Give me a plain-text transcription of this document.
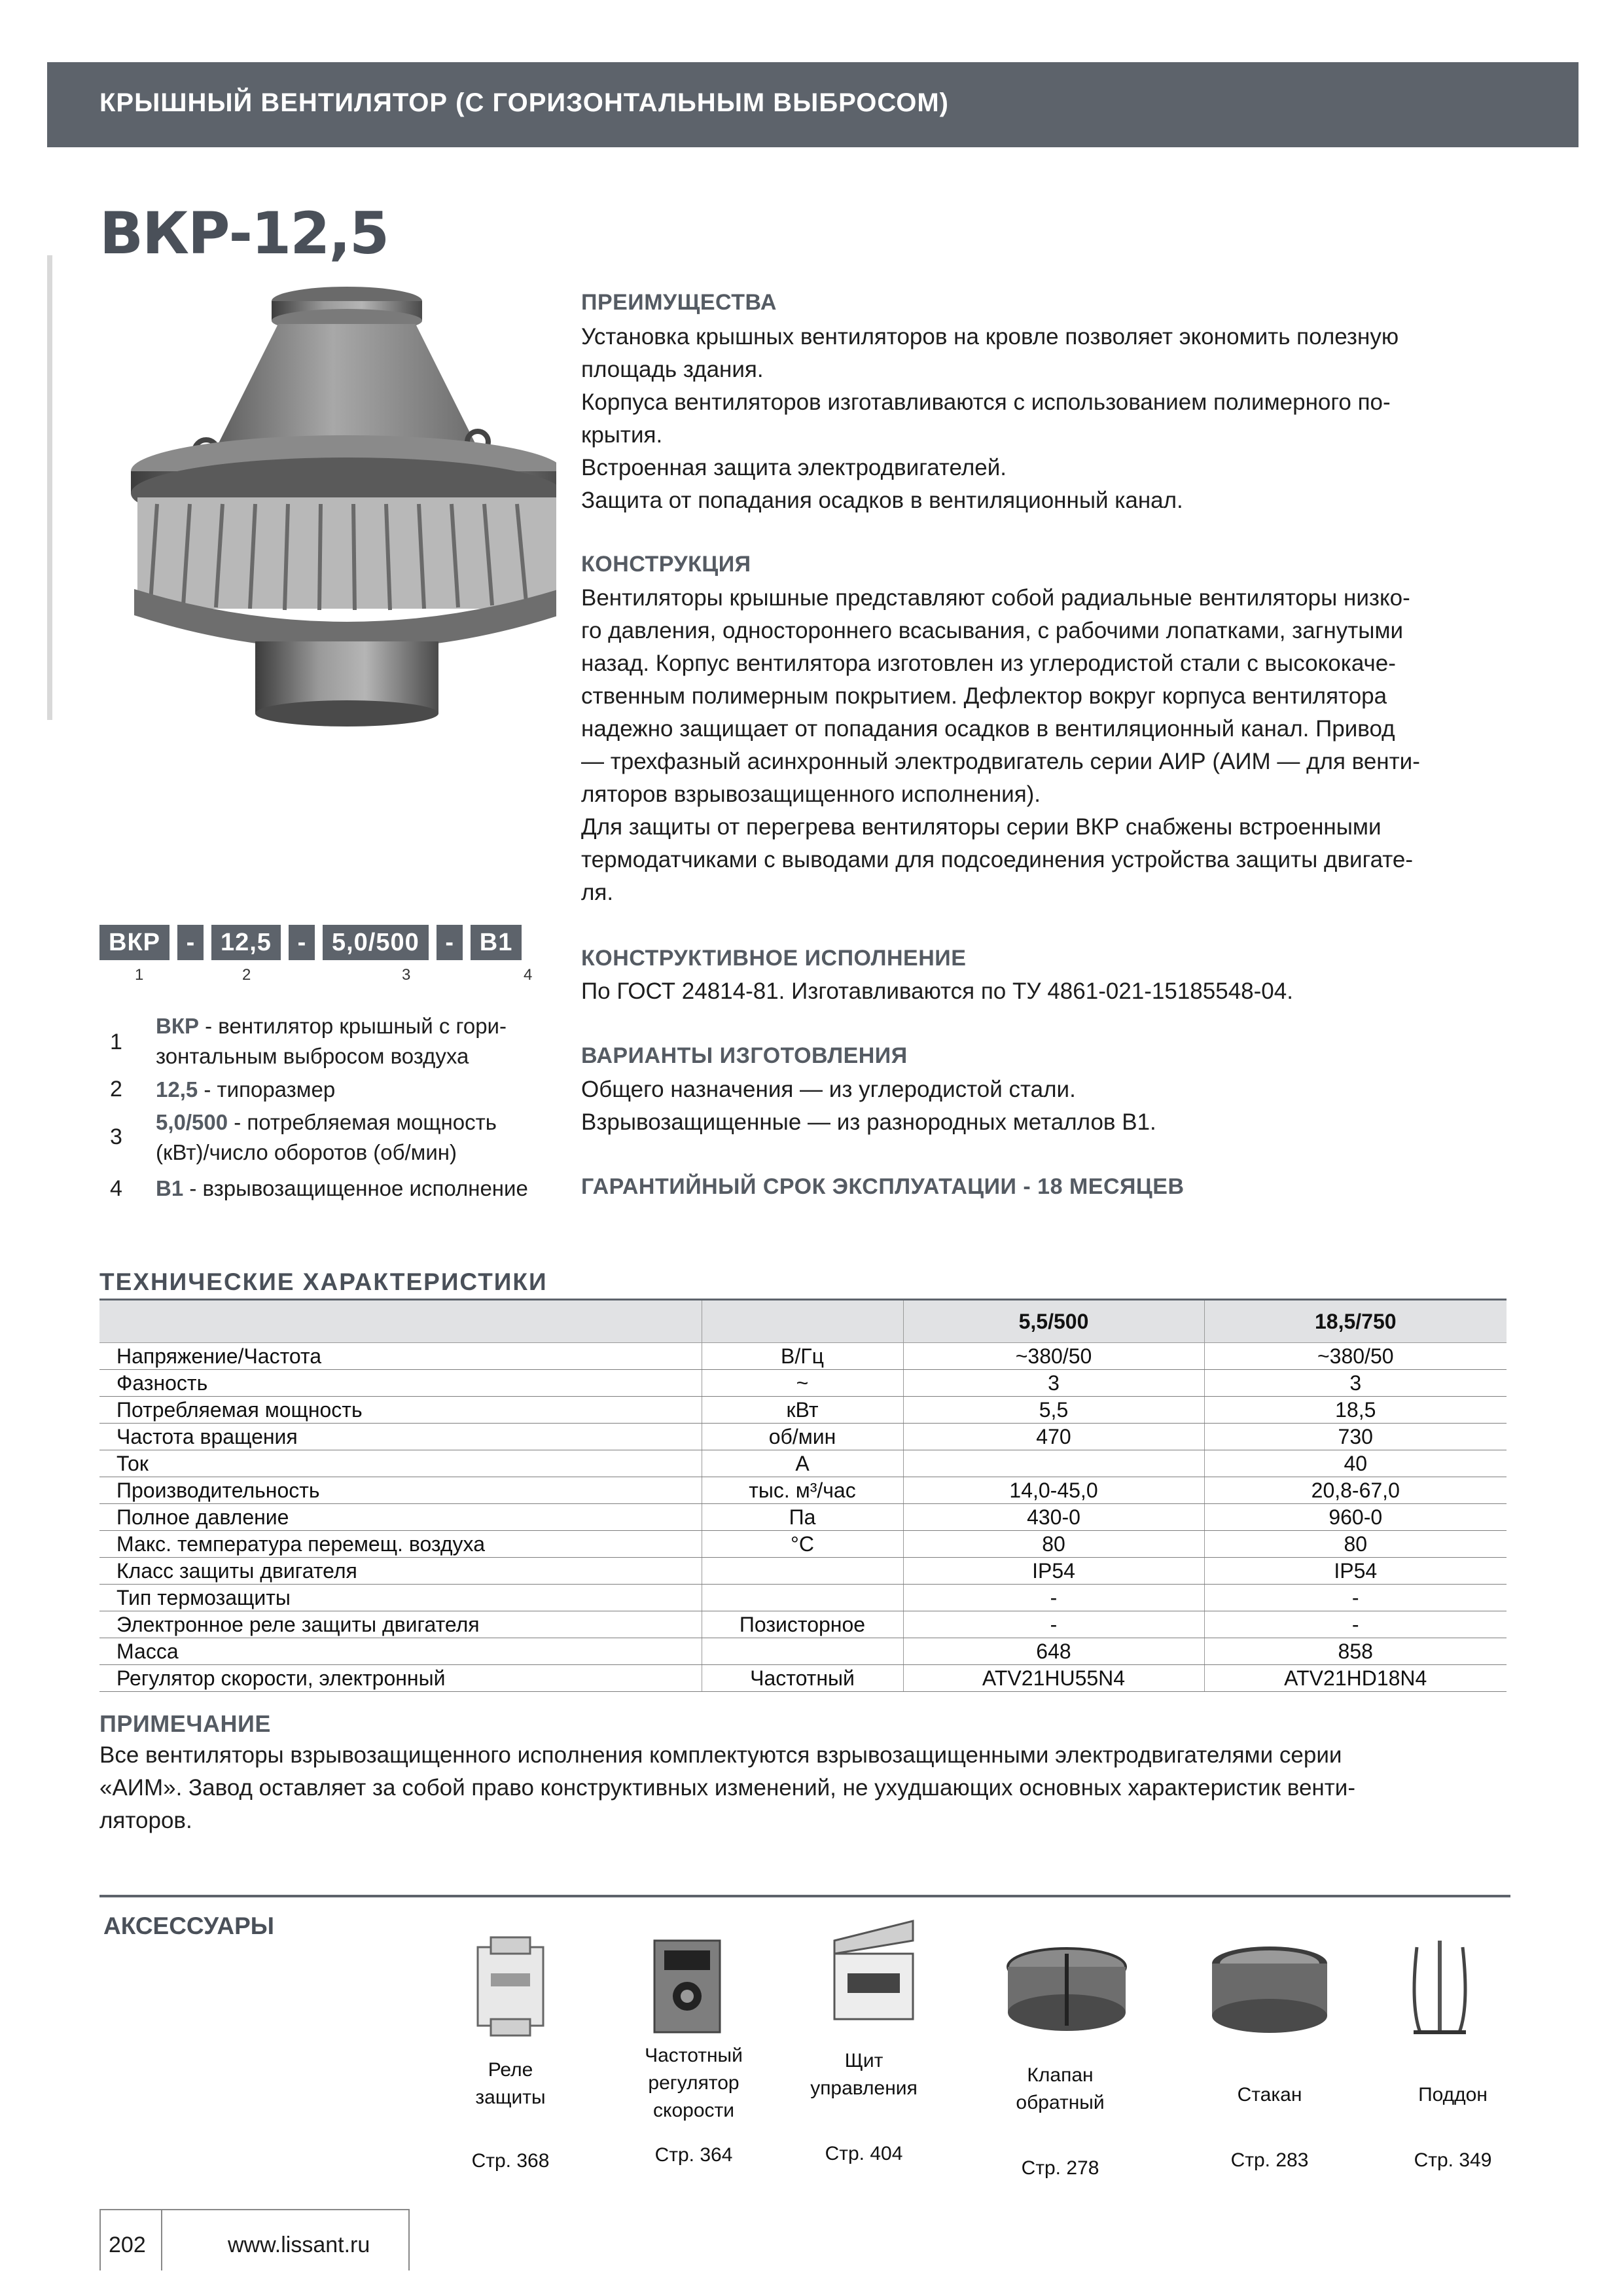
КРЫШНЫЙ ВЕНТИЛЯТОР (С ГОРИЗОНТАЛЬНЫМ ВЫБРОСОМ)
ВКР-12,5
ПРЕИМУЩЕСТВА
Установка крышных вентиляторов на кровле позволяет экономить полезную
площадь здания.
Корпуса вентиляторов изготавливаются с использованием полимерного по-
крытия.
Встроенная защита электродвигателей.
Защита от попадания осадков в вентиляционный канал.
КОНСТРУКЦИЯ
Вентиляторы крышные представляют собой радиальные вентиляторы низко-
го давления, одностороннего всасывания, с рабочими лопатками, загнутыми
назад. Корпус вентилятора изготовлен из углеродистой стали с высококаче-
ственным полимерным покрытием. Дефлектор вокруг корпуса вентилятора
надежно защищает от попадания осадков в вентиляционный канал. Привод
— трехфазный асинхронный электродвигатель серии АИР (АИМ — для венти-
ляторов взрывозащищенного исполнения).
Для защиты от перегрева вентиляторы серии ВКР снабжены встроенными
термодатчиками с выводами для подсоединения устройства защиты двигате-
ля.
КОНСТРУКТИВНОЕ ИСПОЛНЕНИЕ
По ГОСТ 24814-81. Изготавливаются по ТУ 4861-021-15185548-04.
ВАРИАНТЫ ИЗГОТОВЛЕНИЯ
Общего назначения — из углеродистой стали.
Взрывозащищенные — из разнородных металлов В1.
ГАРАНТИЙНЫЙ СРОК ЭКСПЛУАТАЦИИ - 18 МЕСЯЦЕВ
ВКР	-	12,5	-	5,0/500	-	В1
1	2	3	4
1
ВКР - вентилятор крышный с гори-
зонтальным выбросом воздуха
2 12,5 - типоразмер
3
5,0/500 - потребляемая мощность
(кВт)/число оборотов (об/мин)
4 В1 - взрывозащищенное исполнение
ТЕХНИЧЕСКИЕ ХАРАКТЕРИСТИКИ
		5,5/500	18,5/750
Напряжение/Частота	В/Гц	~380/50	~380/50
Фазность	~	3	3
Потребляемая мощность	кВт	5,5	18,5
Частота вращения	об/мин	470	730
Ток	А		40
Производительность	тыс. м³/час	14,0-45,0	20,8-67,0
Полное давление	Па	430-0	960-0
Макс. температура перемещ. воздуха	°C	80	80
Класс защиты двигателя		IP54	IP54
Тип термозащиты		-	-
Электронное реле защиты двигателя	Позисторное	-	-
Масса		648	858
Регулятор скорости, электронный	Частотный	ATV21HU55N4	ATV21HD18N4
ПРИМЕЧАНИЕ
Все вентиляторы взрывозащищенного исполнения комплектуются взрывозащищенными электродвигателями серии
«АИМ». Завод оставляет за собой право конструктивных изменений, не ухудшающих основных характеристик венти-
ляторов.
АКСЕССУАРЫ
Реле
защиты
Частотный
регулятор
скорости
Щит
управления
Клапан
обратный	Стакан	Поддон
Стр. 368	Стр. 364	Стр. 404
Стр. 278	Стр. 283	Стр. 349
202	www.lissant.ru
